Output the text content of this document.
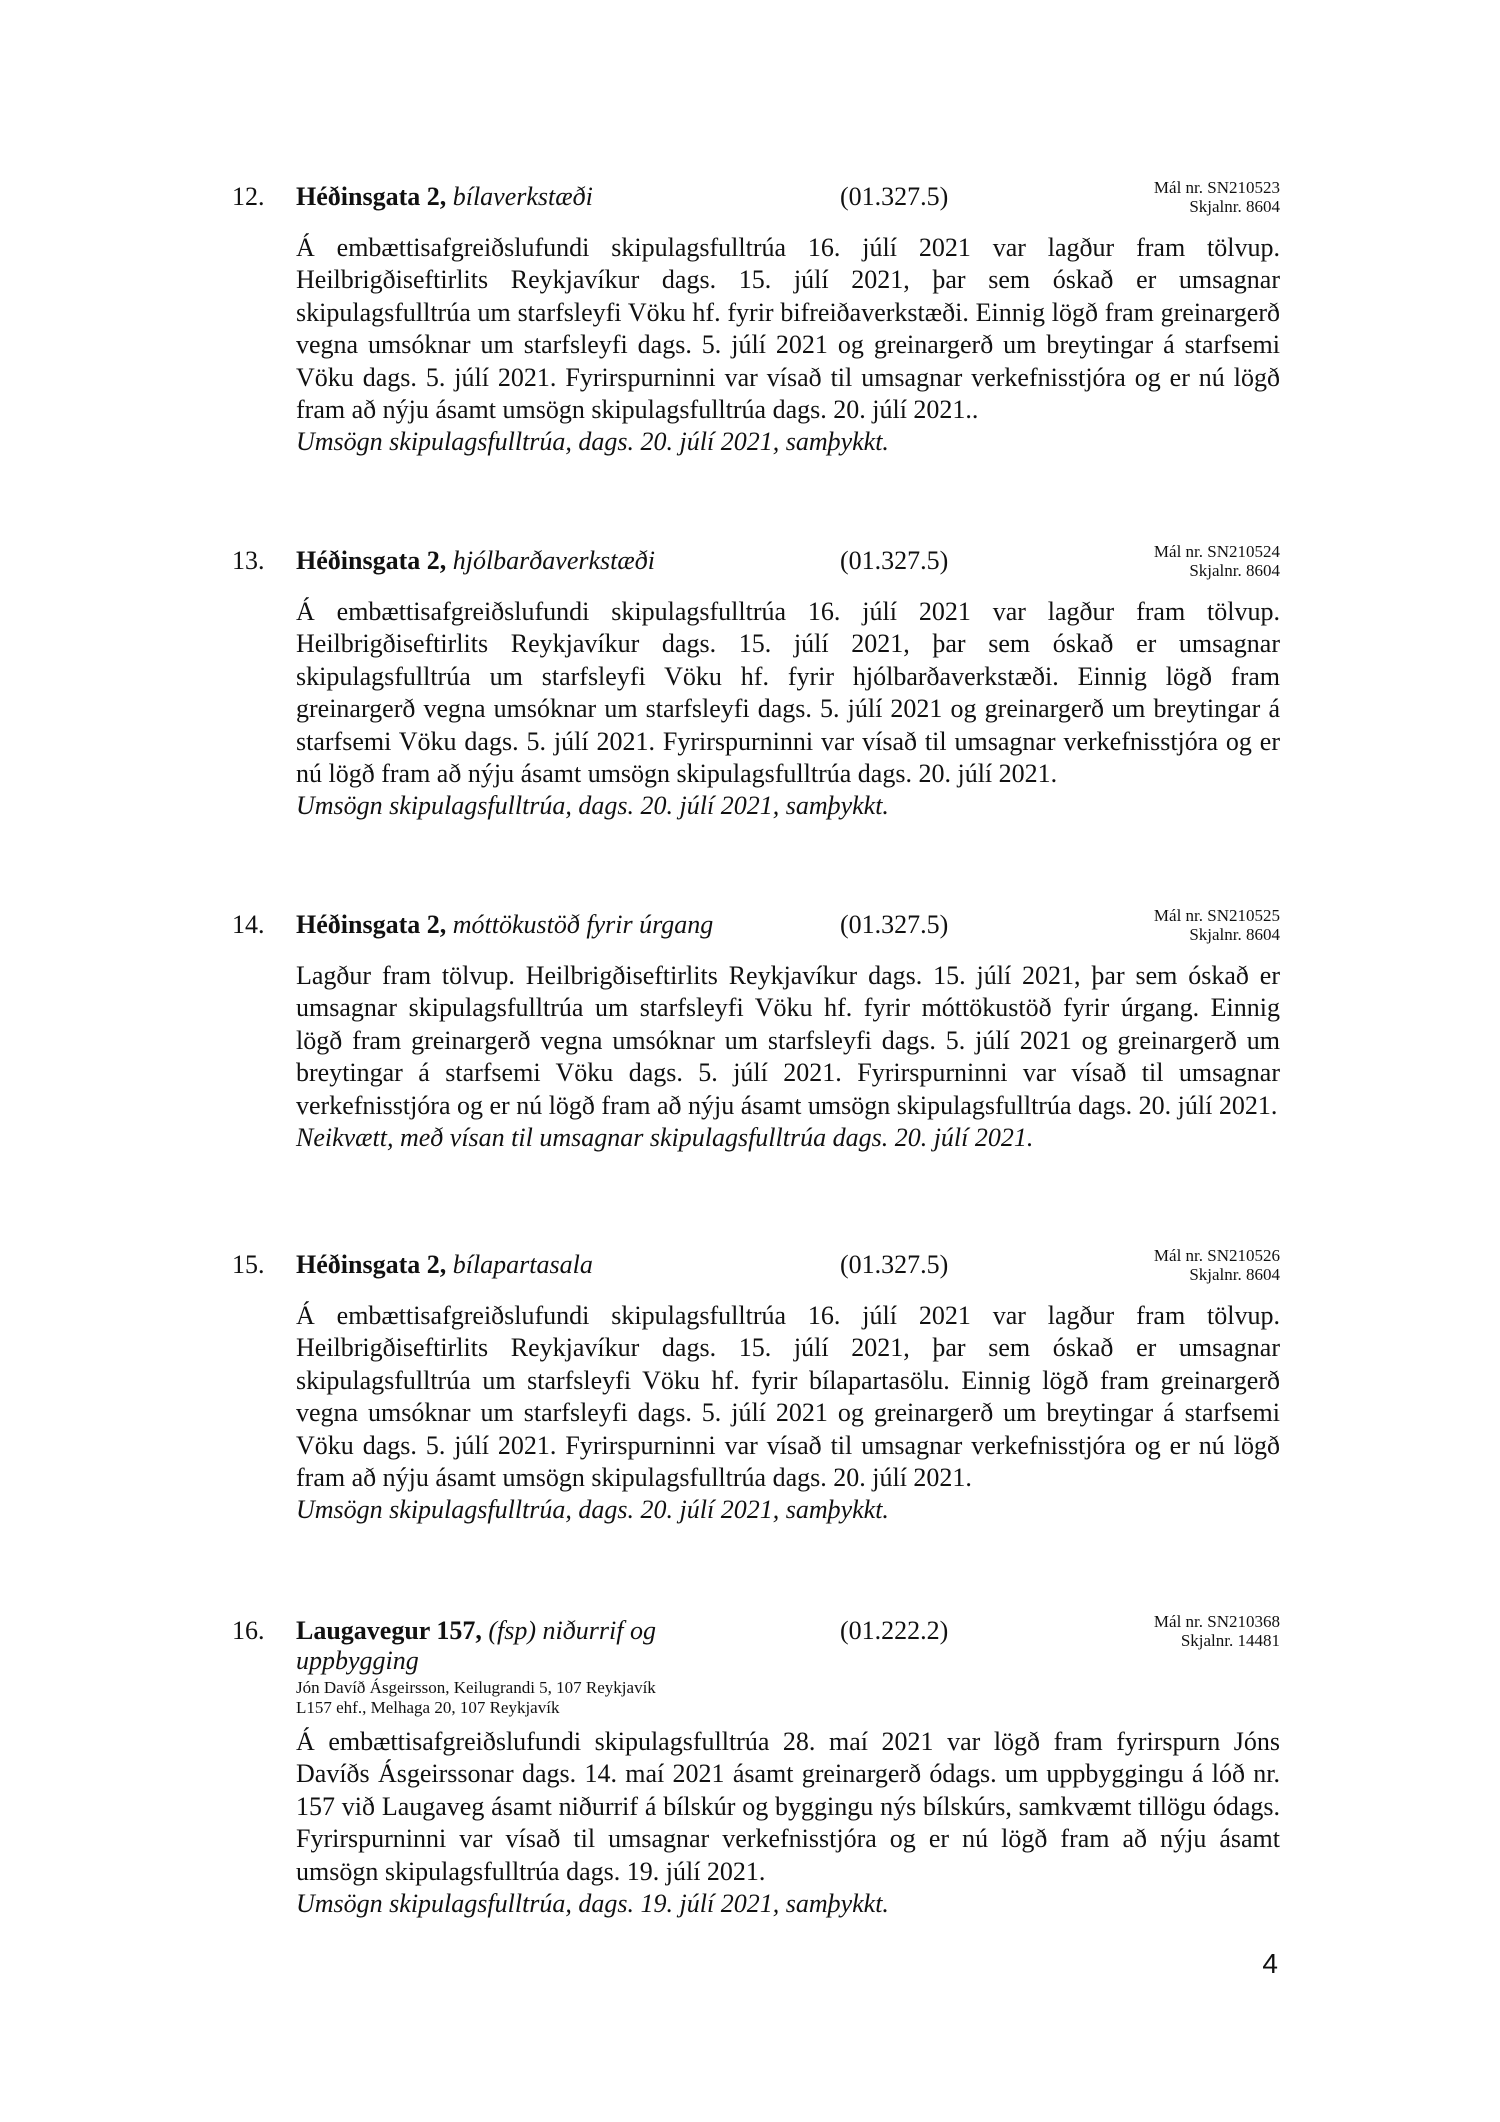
12. Héðinsgata 2, bílaverkstæði	(01.327.5)	Mál nr. SN210523
Skjalnr. 8604
Á embættisafgreiðslufundi skipulagsfulltrúa 16. júlí 2021 var lagður fram tölvup. Heilbrigðiseftirlits Reykjavíkur dags. 15. júlí 2021, þar sem óskað er umsagnar skipulagsfulltrúa um starfsleyfi Vöku hf. fyrir bifreiðaverkstæði. Einnig lögð fram greinargerð vegna umsóknar um starfsleyfi dags. 5. júlí 2021 og greinargerð um breytingar á starfsemi Vöku dags. 5. júlí 2021. Fyrirspurninni var vísað til umsagnar verkefnisstjóra og er nú lögð fram að nýju ásamt umsögn skipulagsfulltrúa dags. 20. júlí 2021..
Umsögn skipulagsfulltrúa, dags. 20. júlí 2021, samþykkt.
13. Héðinsgata 2, hjólbarðaverkstæði	(01.327.5)	Mál nr. SN210524
Skjalnr. 8604
Á embættisafgreiðslufundi skipulagsfulltrúa 16. júlí 2021 var lagður fram tölvup. Heilbrigðiseftirlits Reykjavíkur dags. 15. júlí 2021, þar sem óskað er umsagnar skipulagsfulltrúa um starfsleyfi Vöku hf. fyrir hjólbarðaverkstæði. Einnig lögð fram greinargerð vegna umsóknar um starfsleyfi dags. 5. júlí 2021 og greinargerð um breytingar á starfsemi Vöku dags. 5. júlí 2021. Fyrirspurninni var vísað til umsagnar verkefnisstjóra og er nú lögð fram að nýju ásamt umsögn skipulagsfulltrúa dags. 20. júlí 2021.
Umsögn skipulagsfulltrúa, dags. 20. júlí 2021, samþykkt.
14. Héðinsgata 2, móttökustöð fyrir úrgang	(01.327.5)	Mál nr. SN210525
Skjalnr. 8604
Lagður fram tölvup. Heilbrigðiseftirlits Reykjavíkur dags. 15. júlí 2021, þar sem óskað er umsagnar skipulagsfulltrúa um starfsleyfi Vöku hf. fyrir móttökustöð fyrir úrgang. Einnig lögð fram greinargerð vegna umsóknar um starfsleyfi dags. 5. júlí 2021 og greinargerð um breytingar á starfsemi Vöku dags. 5. júlí 2021. Fyrirspurninni var vísað til umsagnar verkefnisstjóra og er nú lögð fram að nýju ásamt umsögn skipulagsfulltrúa dags. 20. júlí 2021.
Neikvætt, með vísan til umsagnar skipulagsfulltrúa dags. 20. júlí 2021.
15. Héðinsgata 2, bílapartasala	(01.327.5)	Mál nr. SN210526
Skjalnr. 8604
Á embættisafgreiðslufundi skipulagsfulltrúa 16. júlí 2021 var lagður fram tölvup. Heilbrigðiseftirlits Reykjavíkur dags. 15. júlí 2021, þar sem óskað er umsagnar skipulagsfulltrúa um starfsleyfi Vöku hf. fyrir bílapartasölu. Einnig lögð fram greinargerð vegna umsóknar um starfsleyfi dags. 5. júlí 2021 og greinargerð um breytingar á starfsemi Vöku dags. 5. júlí 2021. Fyrirspurninni var vísað til umsagnar verkefnisstjóra og er nú lögð fram að nýju ásamt umsögn skipulagsfulltrúa dags. 20. júlí 2021.
Umsögn skipulagsfulltrúa, dags. 20. júlí 2021, samþykkt.
16. Laugavegur 157, (fsp) niðurrif og uppbygging
(01.222.2)	Mál nr. SN210368
Skjalnr. 14481
Jón Davíð Ásgeirsson, Keilugrandi 5, 107 Reykjavík
L157 ehf., Melhaga 20, 107 Reykjavík
Á embættisafgreiðslufundi skipulagsfulltrúa 28. maí 2021 var lögð fram fyrirspurn Jóns Davíðs Ásgeirssonar dags. 14. maí 2021 ásamt greinargerð ódags. um uppbyggingu á lóð nr. 157 við Laugaveg ásamt niðurrif á bílskúr og byggingu nýs bílskúrs, samkvæmt tillögu ódags. Fyrirspurninni var vísað til umsagnar verkefnisstjóra og er nú lögð fram að nýju ásamt umsögn skipulagsfulltrúa dags. 19. júlí 2021.
Umsögn skipulagsfulltrúa, dags. 19. júlí 2021, samþykkt.
4
